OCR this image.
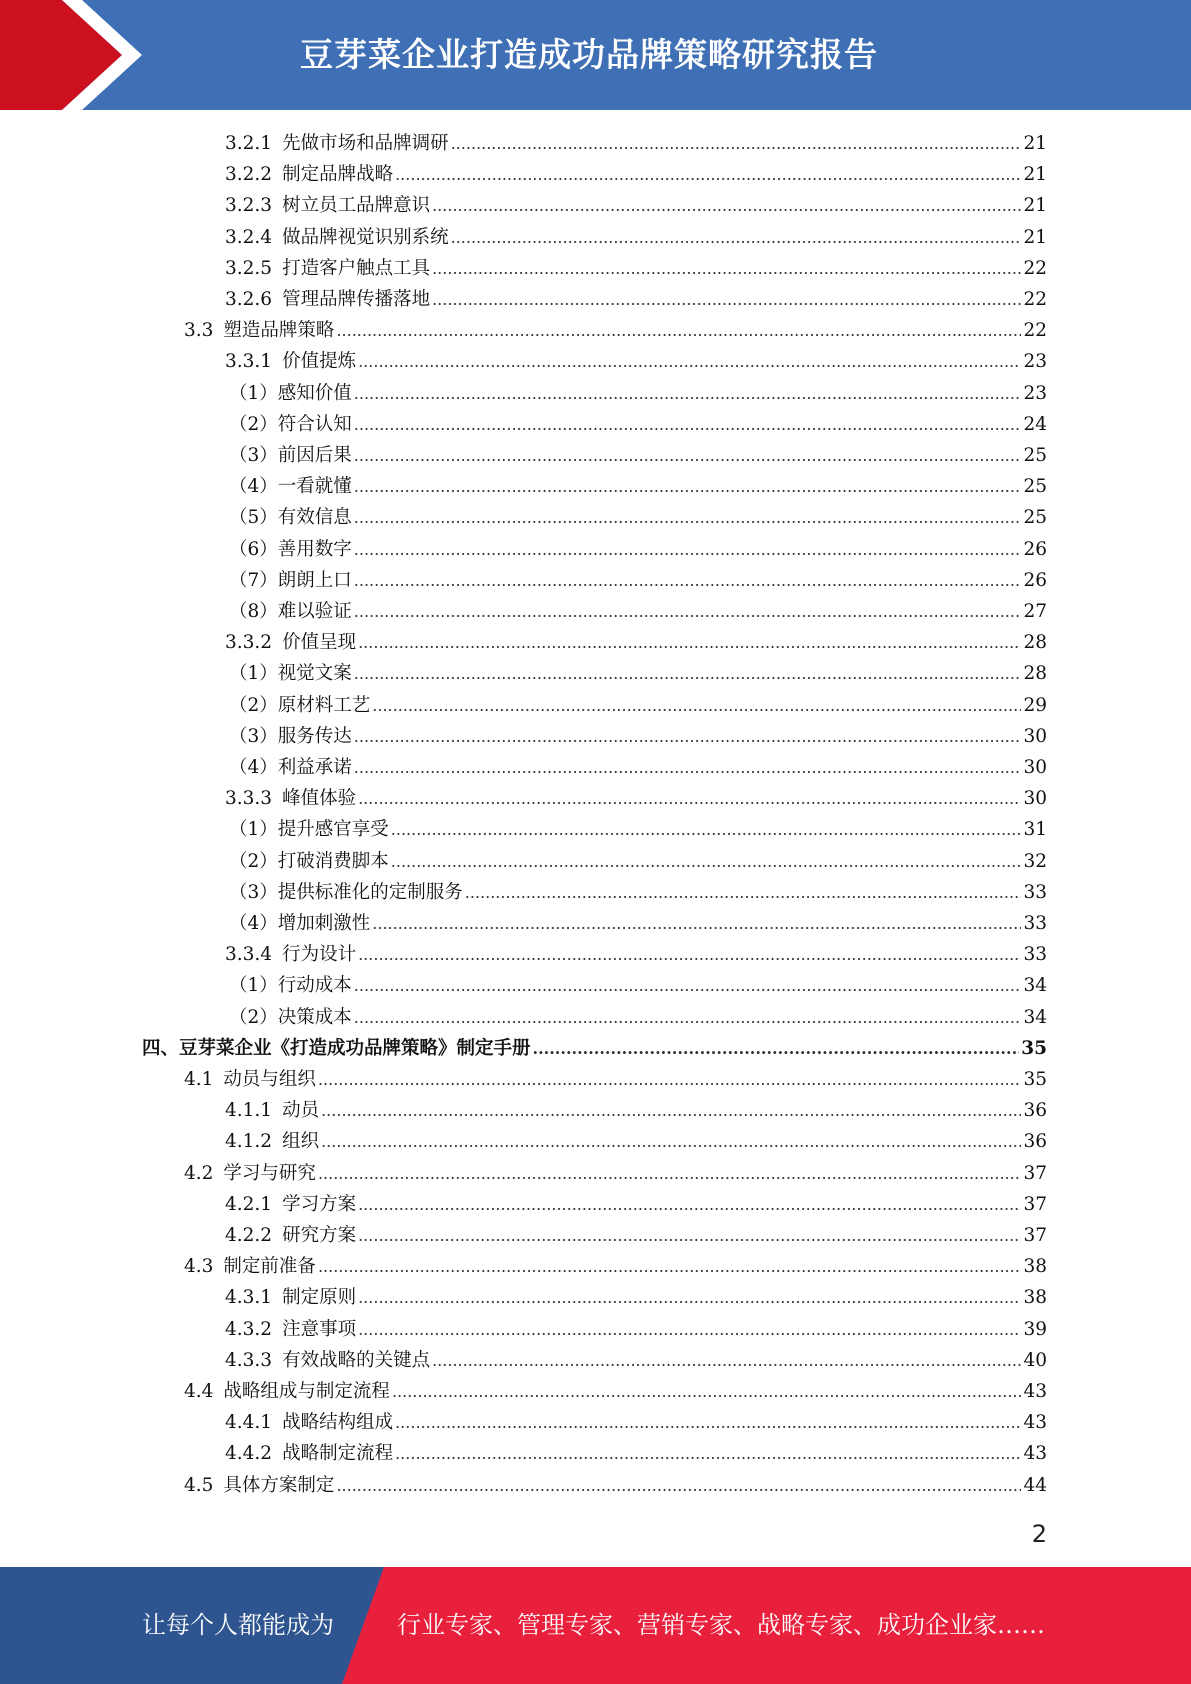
豆芽菜企业打造成功品牌策略研究报告
3.2.1 先做市场和品牌调研 .....	21
3.2.2 制定品牌战略 .....	21
3.2.3 树立员工品牌意识 .....	21
3.2.4 做品牌视觉识别系统 .....	21
3.2.5 打造客户触点工具 .....	22
3.2.6 管理品牌传播落地 .....	22
3.3 塑造品牌策略 .....	22
3.3.1 价值提炼 .....	23
（1）感知价值 .....	23
（2）符合认知 .....	24
（3）前因后果 .....	25
（4）一看就懂 .....	25
（5）有效信息 .....	25
（6）善用数字 .....	26
（7）朗朗上口 .....	26
（8）难以验证 .....	27
3.3.2 价值呈现 .....	28
（1）视觉文案 .....	28
（2）原材料工艺 .....	29
（3）服务传达 .....	30
（4）利益承诺 .....	30
3.3.3 峰值体验 .....	30
（1）提升感官享受 .....	31
（2）打破消费脚本 .....	32
（3）提供标准化的定制服务 .....	33
（4）增加刺激性 .....	33
3.3.4 行为设计 .....	33
（1）行动成本 .....	34
（2）决策成本 .....	34
四、豆芽菜企业《打造成功品牌策略》制定手册 .....	35
4.1 动员与组织 .....	35
4.1.1 动员 .....	36
4.1.2 组织 .....	36
4.2 学习与研究 .....	37
4.2.1 学习方案 .....	37
4.2.2 研究方案 .....	37
4.3 制定前准备 .....	38
4.3.1 制定原则 .....	38
4.3.2 注意事项 .....	39
4.3.3 有效战略的关键点 .....	40
4.4 战略组成与制定流程 .....	43
4.4.1 战略结构组成 .....	43
4.4.2 战略制定流程 .....	43
4.5 具体方案制定 .....	44
2
让每个人都能成为	行业专家、管理专家、营销专家、战略专家、成功企业家……
